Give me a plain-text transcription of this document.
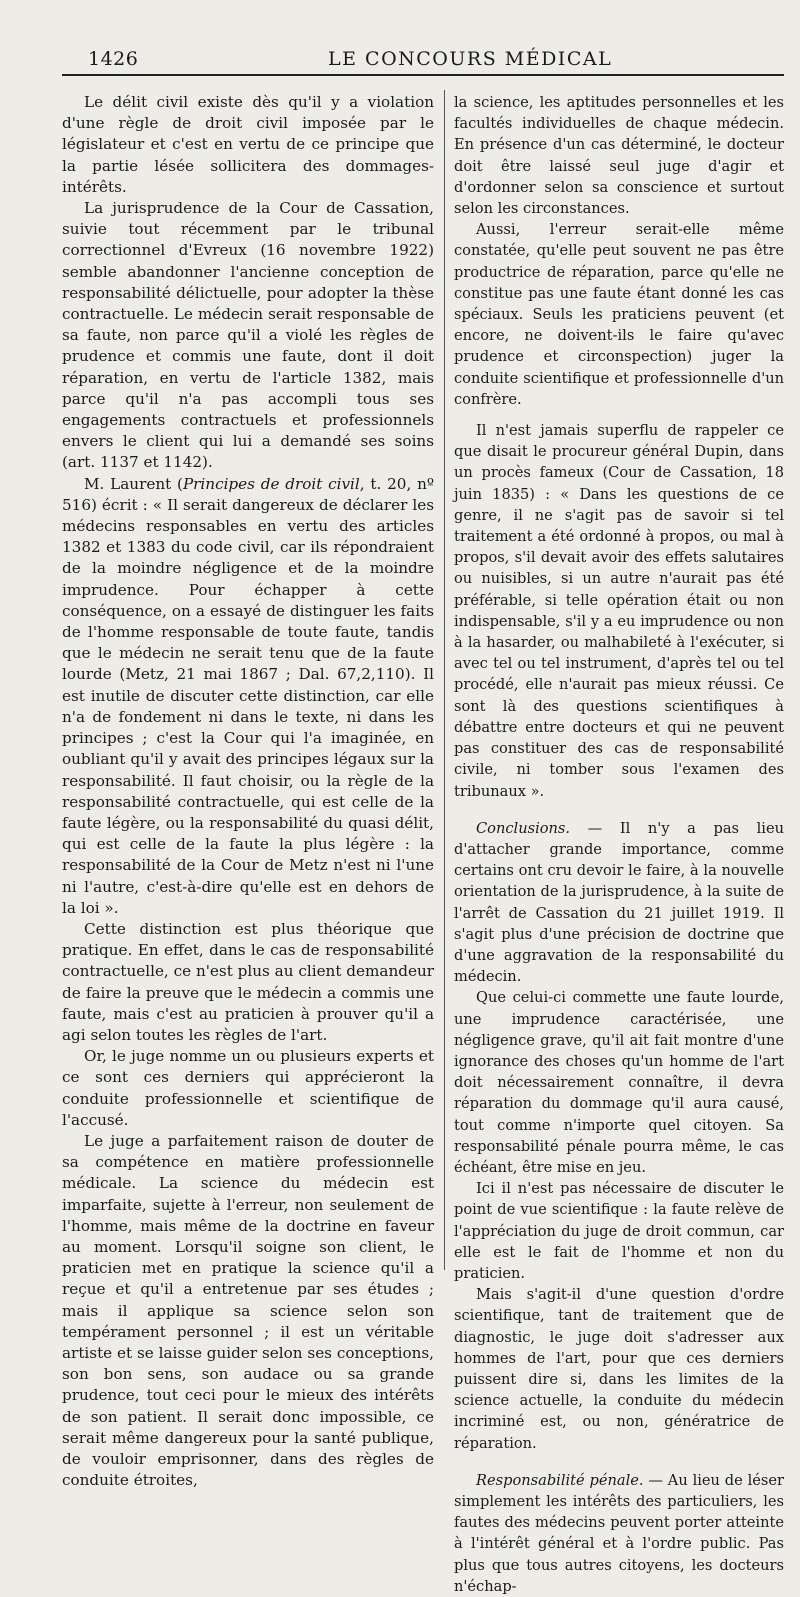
1426	LE CONCOURS MÉDICAL

Le délit civil existe dès qu'il y a violation d'une règle de droit civil imposée par le législateur et c'est en vertu de ce principe que la partie lésée sollicitera des dommages-intérêts.

La jurisprudence de la Cour de Cassation, suivie tout récemment par le tribunal correctionnel d'Evreux (16 novembre 1922) semble abandonner l'ancienne conception de responsabilité délictuelle, pour adopter la thèse contractuelle. Le médecin serait responsable de sa faute, non parce qu'il a violé les règles de prudence et commis une faute, dont il doit réparation, en vertu de l'article 1382, mais parce qu'il n'a pas accompli tous ses engagements contractuels et professionnels envers le client qui lui a demandé ses soins (art. 1137 et 1142).

M. Laurent (Principes de droit civil, t. 20, nº 516) écrit : « Il serait dangereux de déclarer les médecins responsables en vertu des articles 1382 et 1383 du code civil, car ils répondraient de la moindre négligence et de la moindre imprudence. Pour échapper à cette conséquence, on a essayé de distinguer les faits de l'homme responsable de toute faute, tandis que le médecin ne serait tenu que de la faute lourde (Metz, 21 mai 1867 ; Dal. 67,2,110). Il est inutile de discuter cette distinction, car elle n'a de fondement ni dans le texte, ni dans les principes ; c'est la Cour qui l'a imaginée, en oubliant qu'il y avait des principes légaux sur la responsabilité. Il faut choisir, ou la règle de la responsabilité contractuelle, qui est celle de la faute légère, ou la responsabilité du quasi délit, qui est celle de la faute la plus légère : la responsabilité de la Cour de Metz n'est ni l'une ni l'autre, c'est-à-dire qu'elle est en dehors de la loi ».

Cette distinction est plus théorique que pratique. En effet, dans le cas de responsabilité contractuelle, ce n'est plus au client demandeur de faire la preuve que le médecin a commis une faute, mais c'est au praticien à prouver qu'il a agi selon toutes les règles de l'art.

Or, le juge nomme un ou plusieurs experts et ce sont ces derniers qui apprécieront la conduite professionnelle et scientifique de l'accusé.

Le juge a parfaitement raison de douter de sa compétence en matière professionnelle médicale. La science du médecin est imparfaite, sujette à l'erreur, non seulement de l'homme, mais même de la doctrine en faveur au moment. Lorsqu'il soigne son client, le praticien met en pratique la science qu'il a reçue et qu'il a entretenue par ses études ; mais il applique sa science selon son tempérament personnel ; il est un véritable artiste et se laisse guider selon ses conceptions, son bon sens, son audace ou sa grande prudence, tout ceci pour le mieux des intérêts de son patient. Il serait donc impossible, ce serait même dangereux pour la santé publique, de vouloir emprisonner, dans des règles de conduite étroites,

la science, les aptitudes personnelles et les facultés individuelles de chaque médecin. En présence d'un cas déterminé, le docteur doit être laissé seul juge d'agir et d'ordonner selon sa conscience et surtout selon les circonstances.

Aussi, l'erreur serait-elle même constatée, qu'elle peut souvent ne pas être productrice de réparation, parce qu'elle ne constitue pas une faute étant donné les cas spéciaux. Seuls les praticiens peuvent (et encore, ne doivent-ils le faire qu'avec prudence et circonspection) juger la conduite scientifique et professionnelle d'un confrère.

Il n'est jamais superflu de rappeler ce que disait le procureur général Dupin, dans un procès fameux (Cour de Cassation, 18 juin 1835) : « Dans les questions de ce genre, il ne s'agit pas de savoir si tel traitement a été ordonné à propos, ou mal à propos, s'il devait avoir des effets salutaires ou nuisibles, si un autre n'aurait pas été préférable, si telle opération était ou non indispensable, s'il y a eu imprudence ou non à la hasarder, ou malhabileté à l'exécuter, si avec tel ou tel instrument, d'après tel ou tel procédé, elle n'aurait pas mieux réussi. Ce sont là des questions scientifiques à débattre entre docteurs et qui ne peuvent pas constituer des cas de responsabilité civile, ni tomber sous l'examen des tribunaux ».

Conclusions. — Il n'y a pas lieu d'attacher grande importance, comme certains ont cru devoir le faire, à la nouvelle orientation de la jurisprudence, à la suite de l'arrêt de Cassation du 21 juillet 1919. Il s'agit plus d'une précision de doctrine que d'une aggravation de la responsabilité du médecin.

Que celui-ci commette une faute lourde, une imprudence caractérisée, une négligence grave, qu'il ait fait montre d'une ignorance des choses qu'un homme de l'art doit nécessairement connaître, il devra réparation du dommage qu'il aura causé, tout comme n'importe quel citoyen. Sa responsabilité pénale pourra même, le cas échéant, être mise en jeu.

Ici il n'est pas nécessaire de discuter le point de vue scientifique : la faute relève de l'appréciation du juge de droit commun, car elle est le fait de l'homme et non du praticien.

Mais s'agit-il d'une question d'ordre scientifique, tant de traitement que de diagnostic, le juge doit s'adresser aux hommes de l'art, pour que ces derniers puissent dire si, dans les limites de la science actuelle, la conduite du médecin incriminé est, ou non, génératrice de réparation.

Responsabilité pénale. — Au lieu de léser simplement les intérêts des particuliers, les fautes des médecins peuvent porter atteinte à l'intérêt général et à l'ordre public. Pas plus que tous autres citoyens, les docteurs n'échap-
